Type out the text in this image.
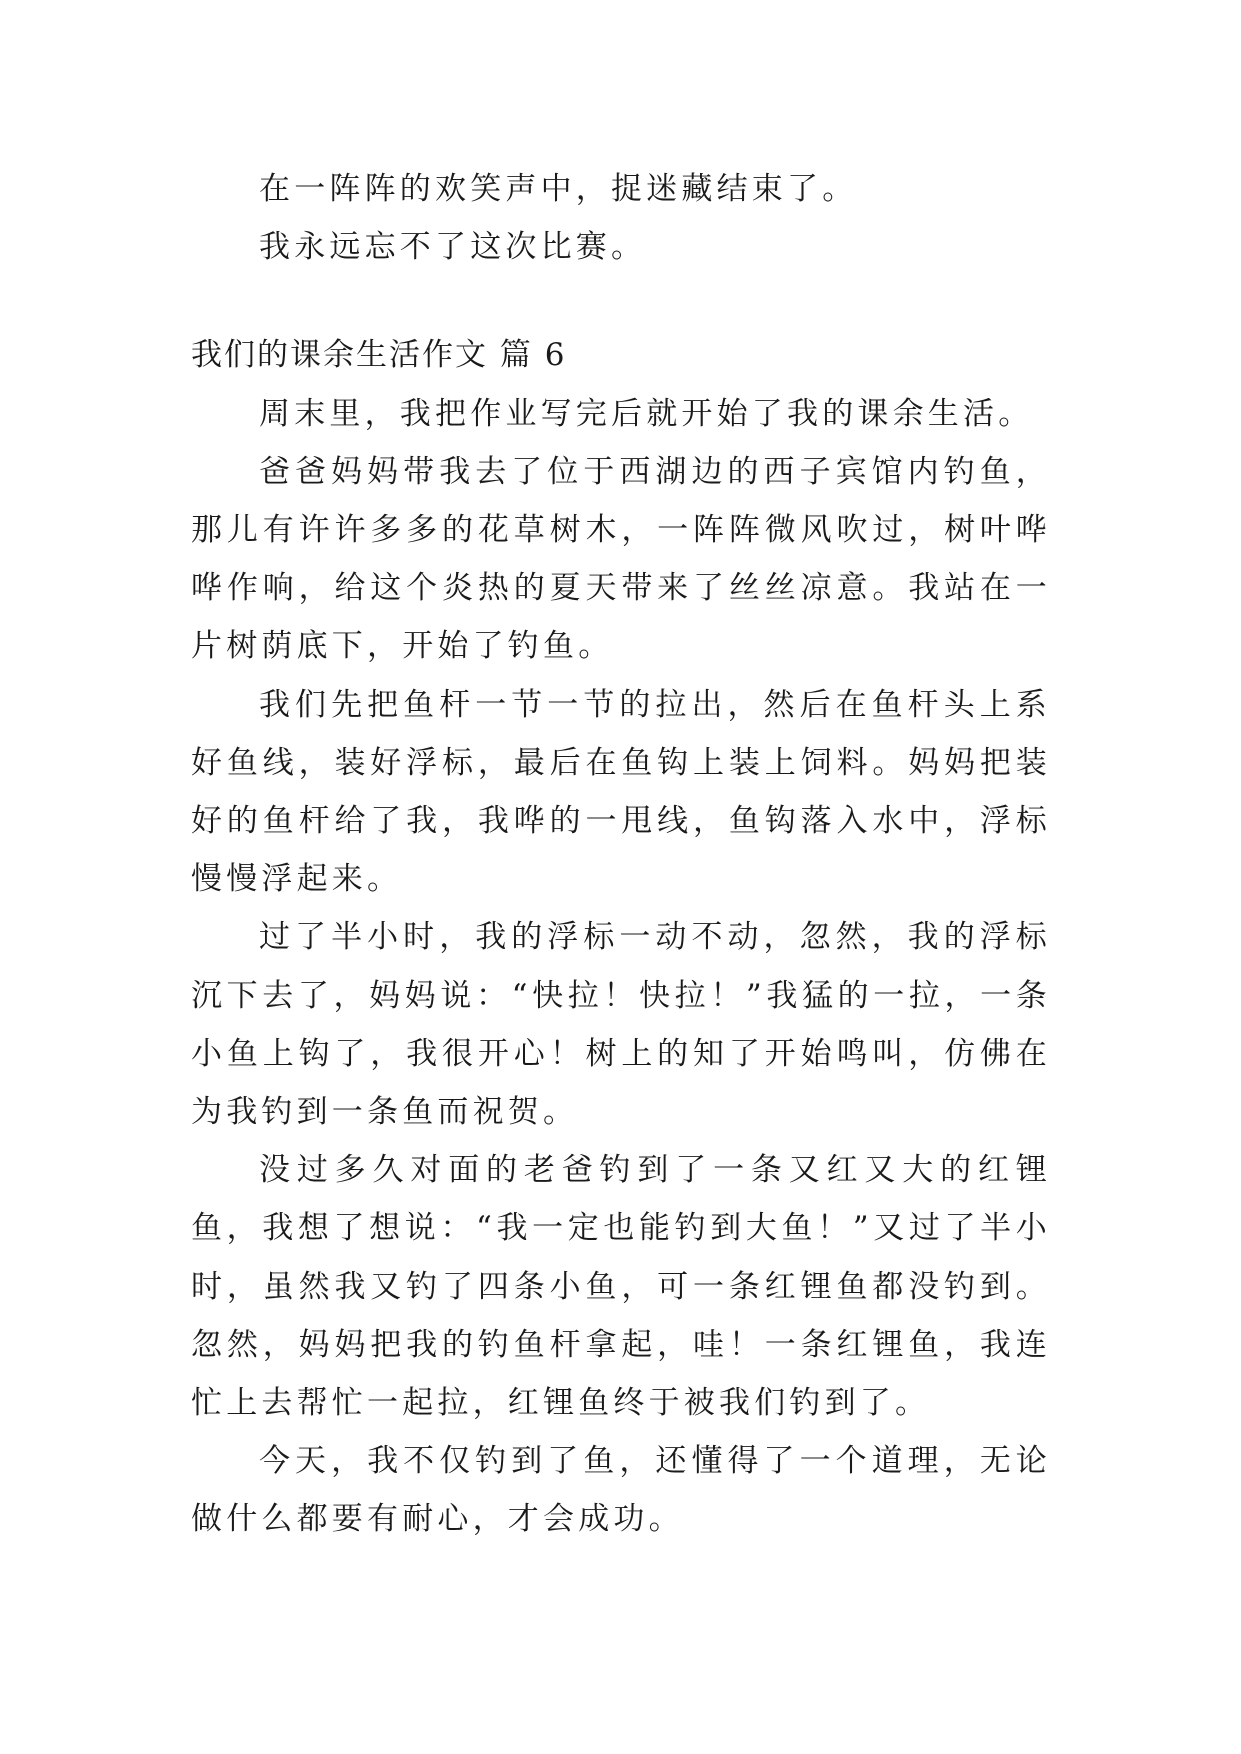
在一阵阵的欢笑声中，捉迷藏结束了。

我永远忘不了这次比赛。

我们的课余生活作文 篇 6

周末里，我把作业写完后就开始了我的课余生活。

爸爸妈妈带我去了位于西湖边的西子宾馆内钓鱼，那儿有许许多多的花草树木，一阵阵微风吹过，树叶哗哗作响，给这个炎热的夏天带来了丝丝凉意。我站在一片树荫底下，开始了钓鱼。

我们先把鱼杆一节一节的拉出，然后在鱼杆头上系好鱼线，装好浮标，最后在鱼钩上装上饲料。妈妈把装好的鱼杆给了我，我哗的一甩线，鱼钩落入水中，浮标慢慢浮起来。

过了半小时，我的浮标一动不动，忽然，我的浮标沉下去了，妈妈说：“快拉！快拉！”我猛的一拉，一条小鱼上钩了，我很开心！树上的知了开始鸣叫，仿佛在为我钓到一条鱼而祝贺。

没过多久对面的老爸钓到了一条又红又大的红锂鱼，我想了想说：“我一定也能钓到大鱼！”又过了半小时，虽然我又钓了四条小鱼，可一条红锂鱼都没钓到。忽然，妈妈把我的钓鱼杆拿起，哇！一条红锂鱼，我连忙上去帮忙一起拉，红锂鱼终于被我们钓到了。

今天，我不仅钓到了鱼，还懂得了一个道理，无论做什么都要有耐心，才会成功。
